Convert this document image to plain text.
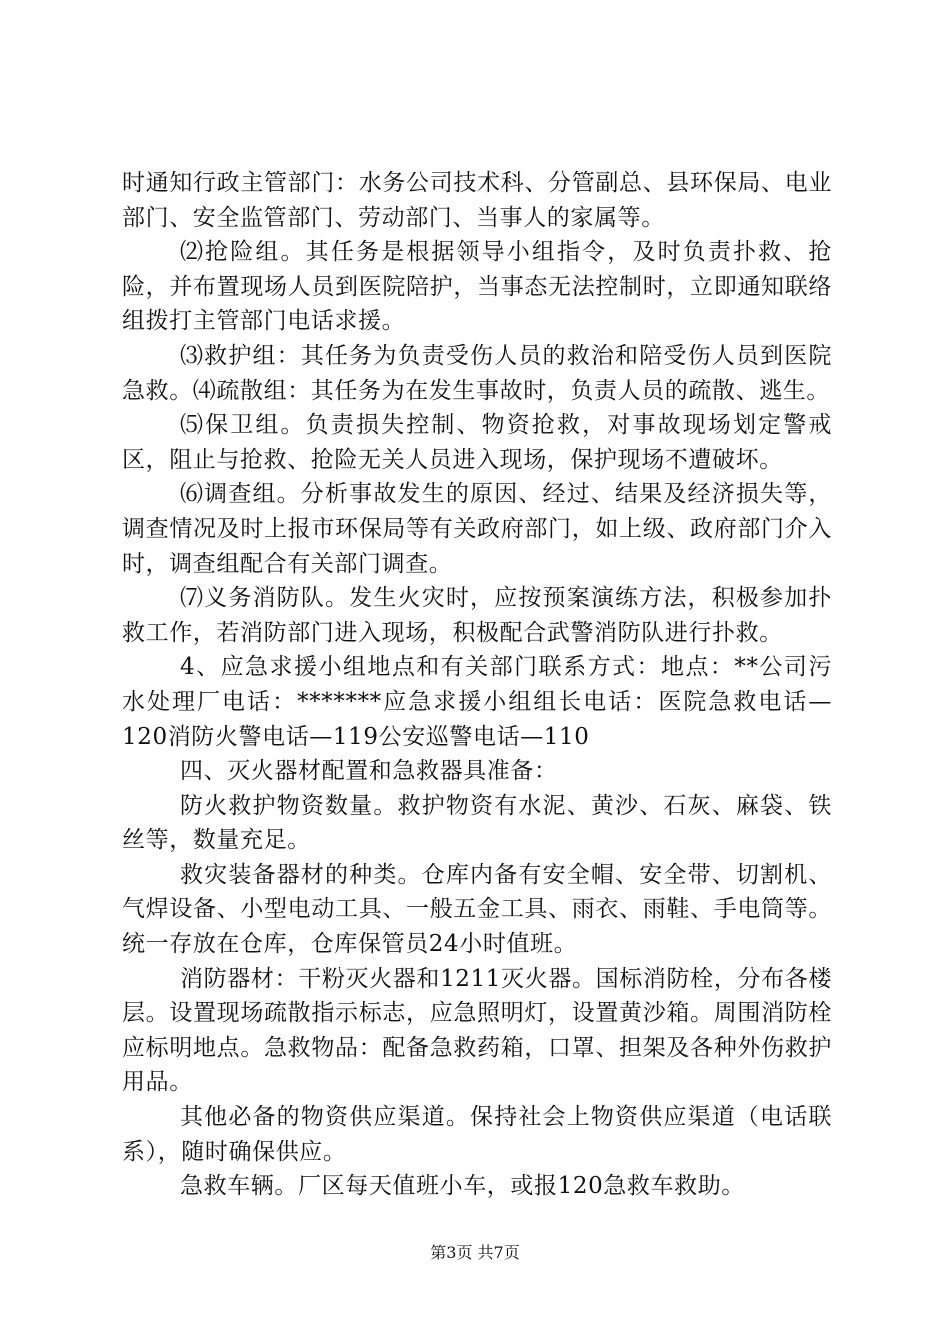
时通知行政主管部门：水务公司技术科、分管副总、县环保局、电业部门、安全监管部门、劳动部门、当事人的家属等。

⑵抢险组。其任务是根据领导小组指令，及时负责扑救、抢险，并布置现场人员到医院陪护，当事态无法控制时，立即通知联络组拨打主管部门电话求援。

⑶救护组：其任务为负责受伤人员的救治和陪受伤人员到医院急救。⑷疏散组：其任务为在发生事故时，负责人员的疏散、逃生。

⑸保卫组。负责损失控制、物资抢救，对事故现场划定警戒区，阻止与抢救、抢险无关人员进入现场，保护现场不遭破坏。

⑹调查组。分析事故发生的原因、经过、结果及经济损失等，调查情况及时上报市环保局等有关政府部门，如上级、政府部门介入时，调查组配合有关部门调查。

⑺义务消防队。发生火灾时，应按预案演练方法，积极参加扑救工作，若消防部门进入现场，积极配合武警消防队进行扑救。

4、应急求援小组地点和有关部门联系方式：地点：**公司污水处理厂电话：*******应急求援小组组长电话：医院急救电话—120消防火警电话—119公安巡警电话—110

四、灭火器材配置和急救器具准备：

防火救护物资数量。救护物资有水泥、黄沙、石灰、麻袋、铁丝等，数量充足。

救灾装备器材的种类。仓库内备有安全帽、安全带、切割机、气焊设备、小型电动工具、一般五金工具、雨衣、雨鞋、手电筒等。统一存放在仓库，仓库保管员24小时值班。

消防器材：干粉灭火器和1211灭火器。国标消防栓，分布各楼层。设置现场疏散指示标志，应急照明灯，设置黄沙箱。周围消防栓应标明地点。急救物品：配备急救药箱，口罩、担架及各种外伤救护用品。

其他必备的物资供应渠道。保持社会上物资供应渠道（电话联系），随时确保供应。

急救车辆。厂区每天值班小车，或报120急救车救助。

第3页 共7页
